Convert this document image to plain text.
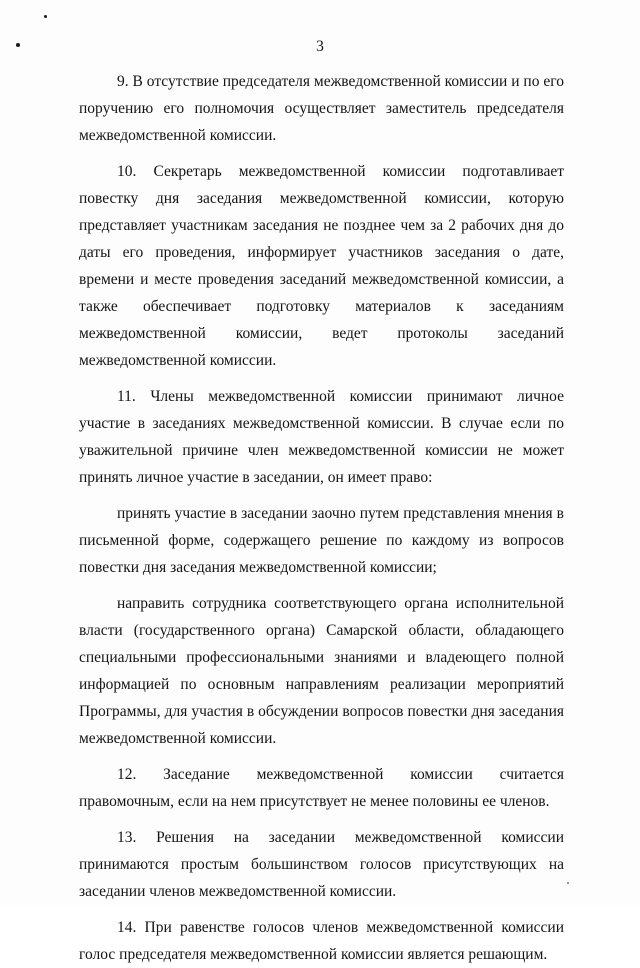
3

9. В отсутствие председателя межведомственной комиссии и по его поручению его полномочия осуществляет заместитель председателя межведомственной комиссии.

10. Секретарь межведомственной комиссии подготавливает повестку дня заседания межведомственной комиссии, которую представляет участникам заседания не позднее чем за 2 рабочих дня до даты его проведения, информирует участников заседания о дате, времени и месте проведения заседаний межведомственной комиссии, а также обеспечивает подготовку материалов к заседаниям межведомственной комиссии, ведет протоколы заседаний межведомственной комиссии.

11. Члены межведомственной комиссии принимают личное участие в заседаниях межведомственной комиссии. В случае если по уважительной причине член межведомственной комиссии не может принять личное участие в заседании, он имеет право:

принять участие в заседании заочно путем представления мнения в письменной форме, содержащего решение по каждому из вопросов повестки дня заседания межведомственной комиссии;

направить сотрудника соответствующего органа исполнительной власти (государственного органа) Самарской области, обладающего специальными профессиональными знаниями и владеющего полной информацией по основным направлениям реализации мероприятий Программы, для участия в обсуждении вопросов повестки дня заседания межведомственной комиссии.

12. Заседание межведомственной комиссии считается правомочным, если на нем присутствует не менее половины ее членов.

13. Решения на заседании межведомственной комиссии принимаются простым большинством голосов присутствующих на заседании членов межведомственной комиссии.

14. При равенстве голосов членов межведомственной комиссии голос председателя межведомственной комиссии является решающим.
